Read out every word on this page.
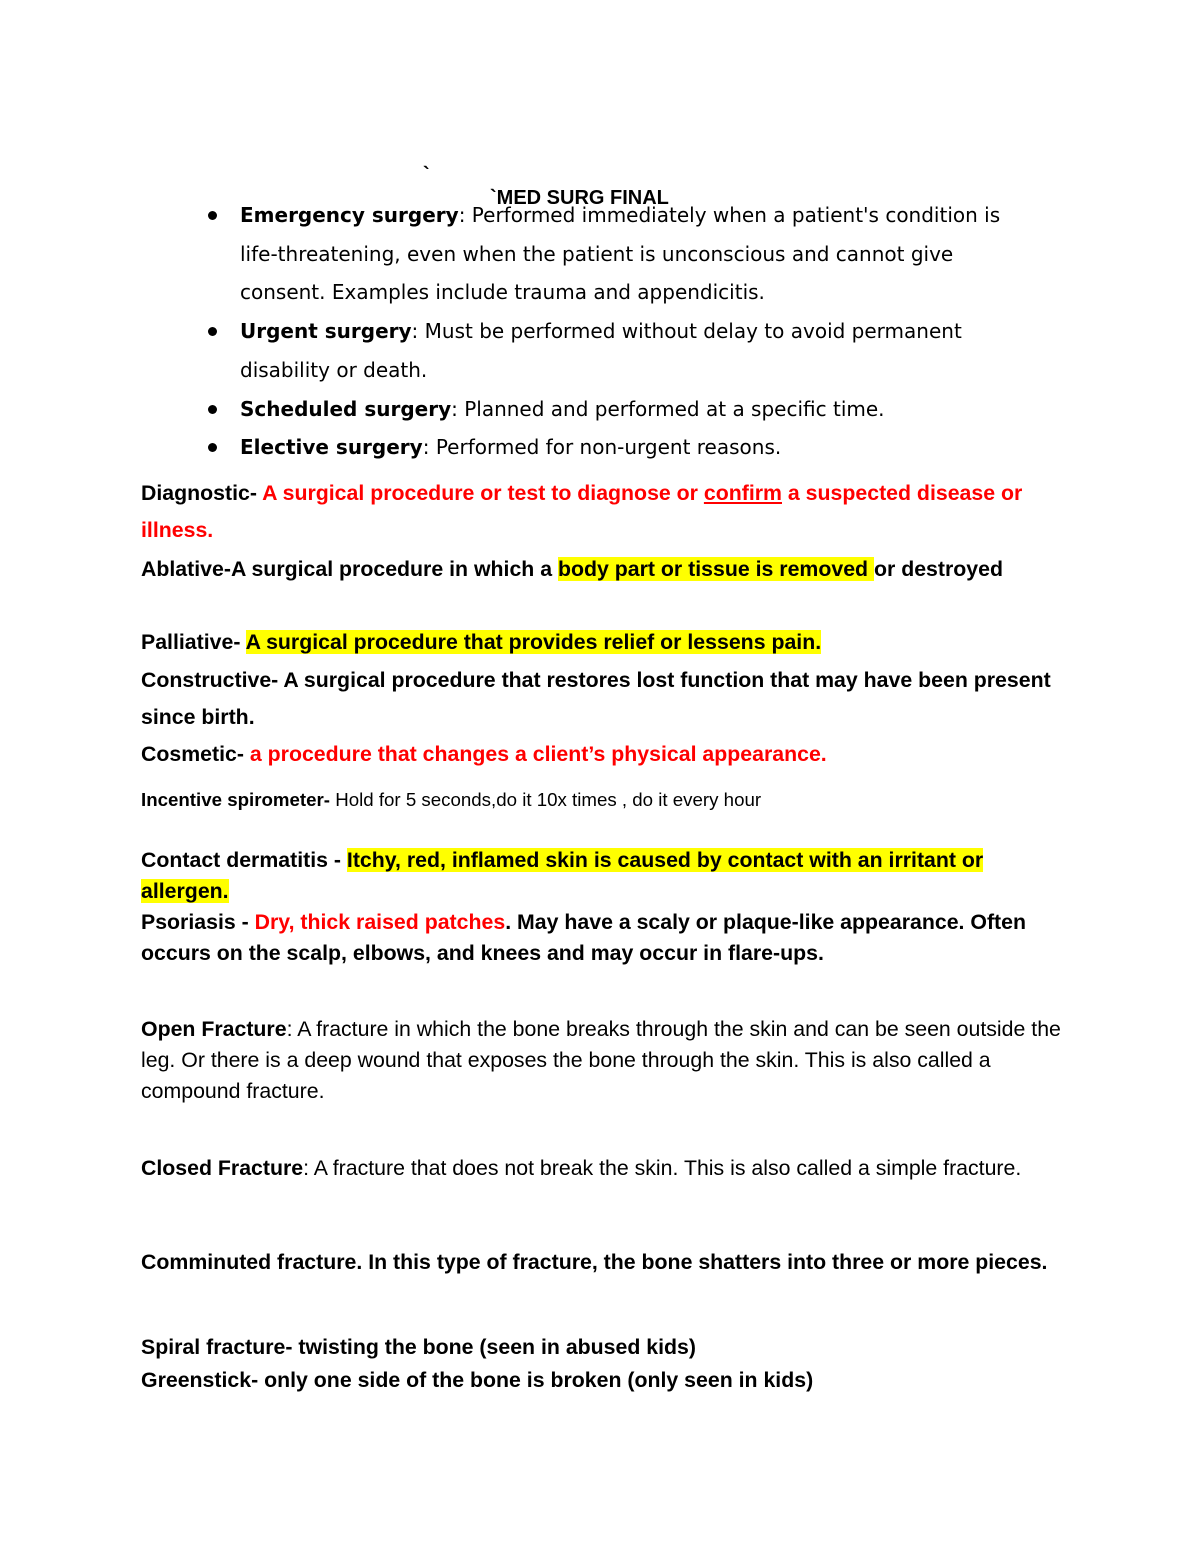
`

`MED SURG FINAL

Emergency surgery: Performed immediately when a patient's condition is life-threatening, even when the patient is unconscious and cannot give consent. Examples include trauma and appendicitis.
Urgent surgery: Must be performed without delay to avoid permanent disability or death.
Scheduled surgery: Planned and performed at a specific time.
Elective surgery: Performed for non-urgent reasons.
Diagnostic- A surgical procedure or test to diagnose or confirm a suspected disease or illness.
Ablative-A surgical procedure in which a body part or tissue is removed or destroyed
Palliative- A surgical procedure that provides relief or lessens pain.
Constructive- A surgical procedure that restores lost function that may have been present since birth.
Cosmetic- a procedure that changes a client’s physical appearance.
Incentive spirometer- Hold for 5 seconds,do it 10x times , do it every hour
Contact dermatitis - Itchy, red, inflamed skin is caused by contact with an irritant or allergen.
Psoriasis - Dry, thick raised patches. May have a scaly or plaque-like appearance. Often occurs on the scalp, elbows, and knees and may occur in flare-ups.
Open Fracture: A fracture in which the bone breaks through the skin and can be seen outside the leg. Or there is a deep wound that exposes the bone through the skin. This is also called a compound fracture.
Closed Fracture: A fracture that does not break the skin. This is also called a simple fracture.
Comminuted fracture. In this type of fracture, the bone shatters into three or more pieces.
Spiral fracture- twisting the bone (seen in abused kids)
Greenstick- only one side of the bone is broken (only seen in kids)
